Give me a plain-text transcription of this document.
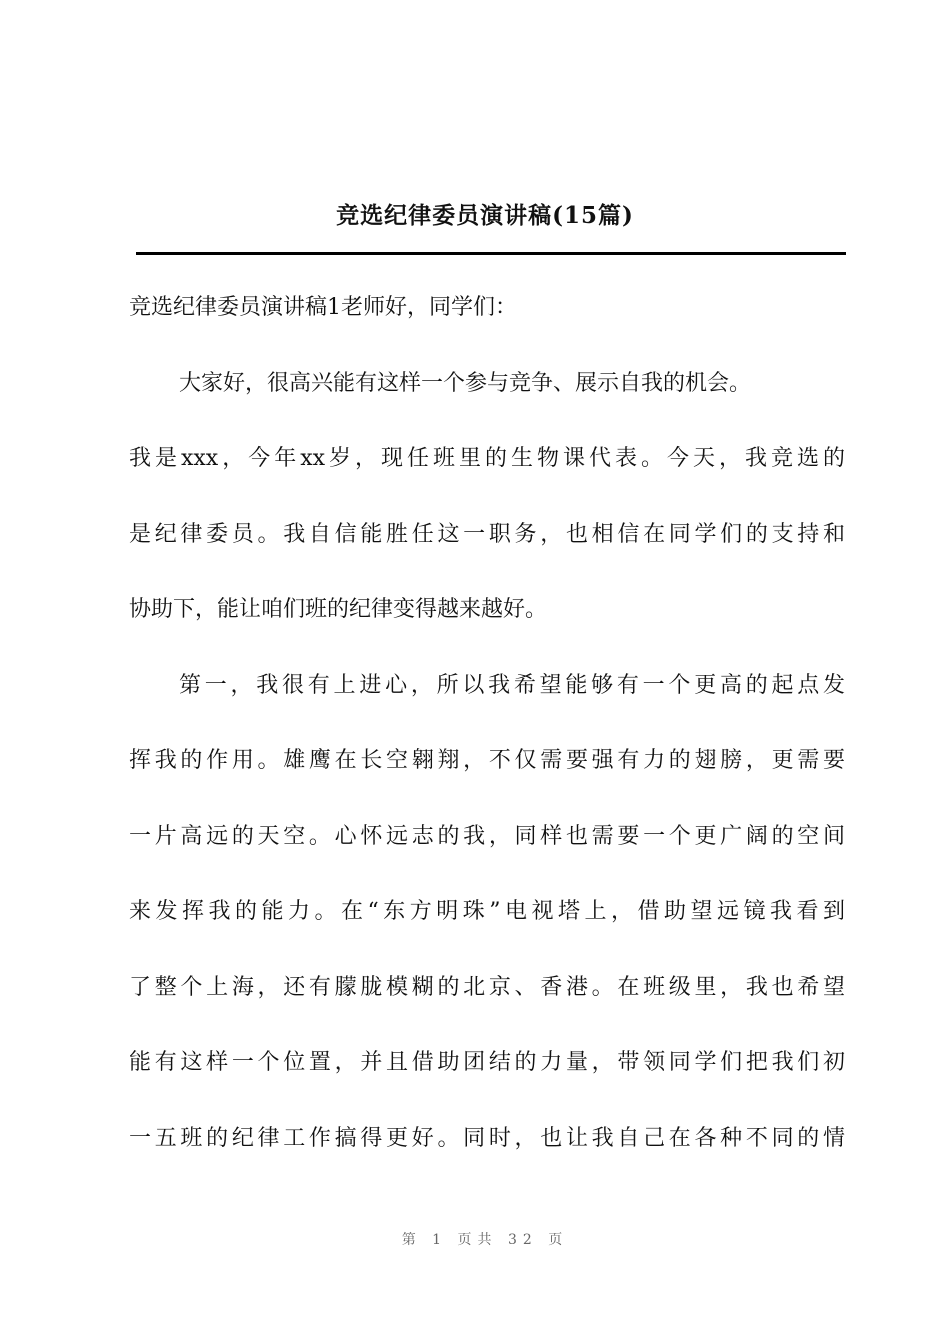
竞选纪律委员演讲稿(15篇)
竞选纪律委员演讲稿1老师好，同学们：
大家好，很高兴能有这样一个参与竞争、展示自我的机会。
我是xxx，今年xx岁，现任班里的生物课代表。今天，我竞选的
是纪律委员。我自信能胜任这一职务，也相信在同学们的支持和
协助下，能让咱们班的纪律变得越来越好。
第一，我很有上进心，所以我希望能够有一个更高的起点发
挥我的作用。雄鹰在长空翱翔，不仅需要强有力的翅膀，更需要
一片高远的天空。心怀远志的我，同样也需要一个更广阔的空间
来发挥我的能力。在“东方明珠”电视塔上，借助望远镜我看到
了整个上海，还有朦胧模糊的北京、香港。在班级里，我也希望
能有这样一个位置，并且借助团结的力量，带领同学们把我们初
一五班的纪律工作搞得更好。同时，也让我自己在各种不同的情
第 1 页共 32 页
